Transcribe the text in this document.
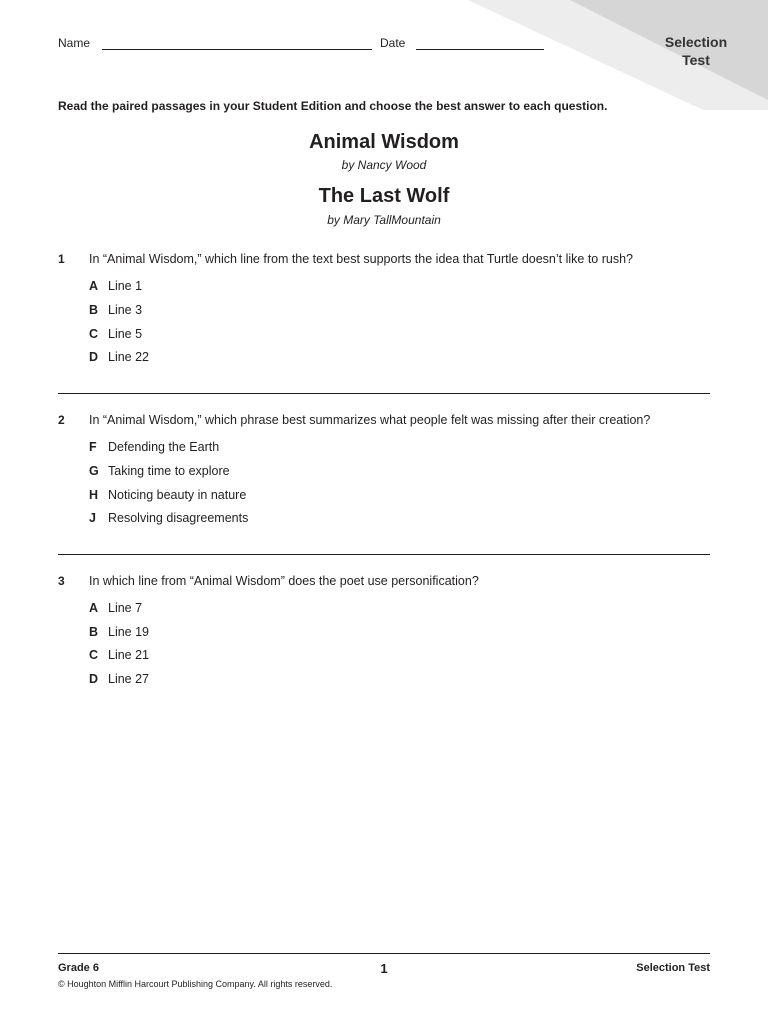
Selection Test
Name	Date
Read the paired passages in your Student Edition and choose the best answer to each question.
Animal Wisdom
by Nancy Wood
The Last Wolf
by Mary TallMountain
1 In “Animal Wisdom,” which line from the text best supports the idea that Turtle doesn’t like to rush?
A Line 1
B Line 3
C Line 5
D Line 22
2 In “Animal Wisdom,” which phrase best summarizes what people felt was missing after their creation?
F Defending the Earth
G Taking time to explore
H Noticing beauty in nature
J Resolving disagreements
3 In which line from “Animal Wisdom” does the poet use personification?
A Line 7
B Line 19
C Line 21
D Line 27
Grade 6
© Houghton Mifflin Harcourt Publishing Company. All rights reserved.
1	Selection Test
